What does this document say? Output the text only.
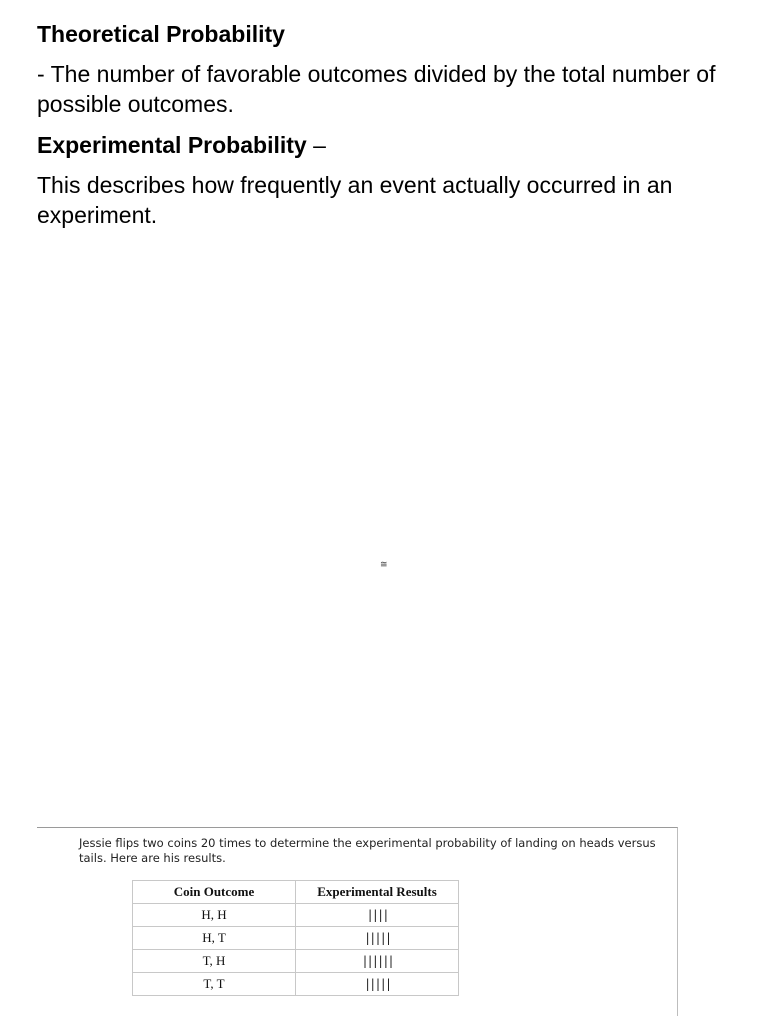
Theoretical Probability

- The number of favorable outcomes divided by the total number of possible outcomes.

Experimental Probability –

This describes how frequently an event actually occurred in an experiment.

≅

Jessie flips two coins 20 times to determine the experimental probability of landing on heads versus tails. Here are his results.

Coin Outcome	Experimental Results
H, H	||||
H, T	|||||
T, H	||||||
T, T	|||||
